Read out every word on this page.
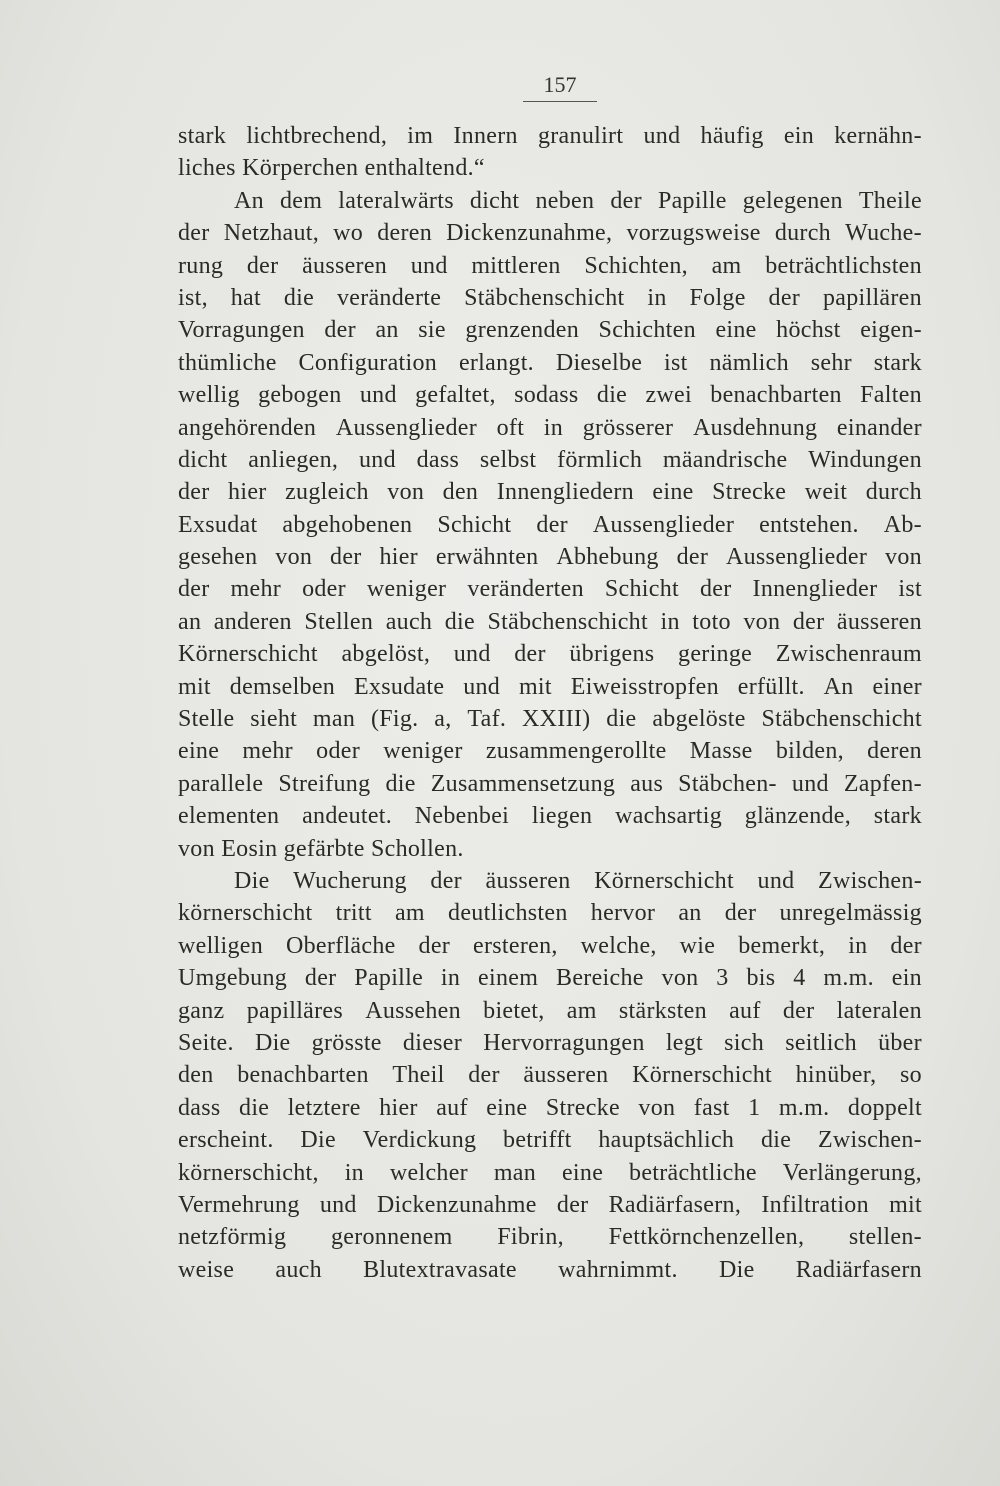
157
stark lichtbrechend, im Innern granulirt und häufig ein kernähn-
liches Körperchen enthaltend.“
An dem lateralwärts dicht neben der Papille gelegenen Theile
der Netzhaut, wo deren Dickenzunahme, vorzugsweise durch Wuche-
rung der äusseren und mittleren Schichten, am beträchtlichsten
ist, hat die veränderte Stäbchenschicht in Folge der papillären
Vorragungen der an sie grenzenden Schichten eine höchst eigen-
thümliche Configuration erlangt. Dieselbe ist nämlich sehr stark
wellig gebogen und gefaltet, sodass die zwei benachbarten Falten
angehörenden Aussenglieder oft in grösserer Ausdehnung einander
dicht anliegen, und dass selbst förmlich mäandrische Windungen
der hier zugleich von den Innengliedern eine Strecke weit durch
Exsudat abgehobenen Schicht der Aussenglieder entstehen. Ab-
gesehen von der hier erwähnten Abhebung der Aussenglieder von
der mehr oder weniger veränderten Schicht der Innenglieder ist
an anderen Stellen auch die Stäbchenschicht in toto von der äusseren
Körnerschicht abgelöst, und der übrigens geringe Zwischenraum
mit demselben Exsudate und mit Eiweisstropfen erfüllt. An einer
Stelle sieht man (Fig. a, Taf. XXIII) die abgelöste Stäbchenschicht
eine mehr oder weniger zusammengerollte Masse bilden, deren
parallele Streifung die Zusammensetzung aus Stäbchen- und Zapfen-
elementen andeutet. Nebenbei liegen wachsartig glänzende, stark
von Eosin gefärbte Schollen.
Die Wucherung der äusseren Körnerschicht und Zwischen-
körnerschicht tritt am deutlichsten hervor an der unregelmässig
welligen Oberfläche der ersteren, welche, wie bemerkt, in der
Umgebung der Papille in einem Bereiche von 3 bis 4 m.m. ein
ganz papilläres Aussehen bietet, am stärksten auf der lateralen
Seite. Die grösste dieser Hervorragungen legt sich seitlich über
den benachbarten Theil der äusseren Körnerschicht hinüber, so
dass die letztere hier auf eine Strecke von fast 1 m.m. doppelt
erscheint. Die Verdickung betrifft hauptsächlich die Zwischen-
körnerschicht, in welcher man eine beträchtliche Verlängerung,
Vermehrung und Dickenzunahme der Radiärfasern, Infiltration mit
netzförmig geronnenem Fibrin, Fettkörnchenzellen, stellen-
weise auch Blutextravasate wahrnimmt. Die Radiärfasern
